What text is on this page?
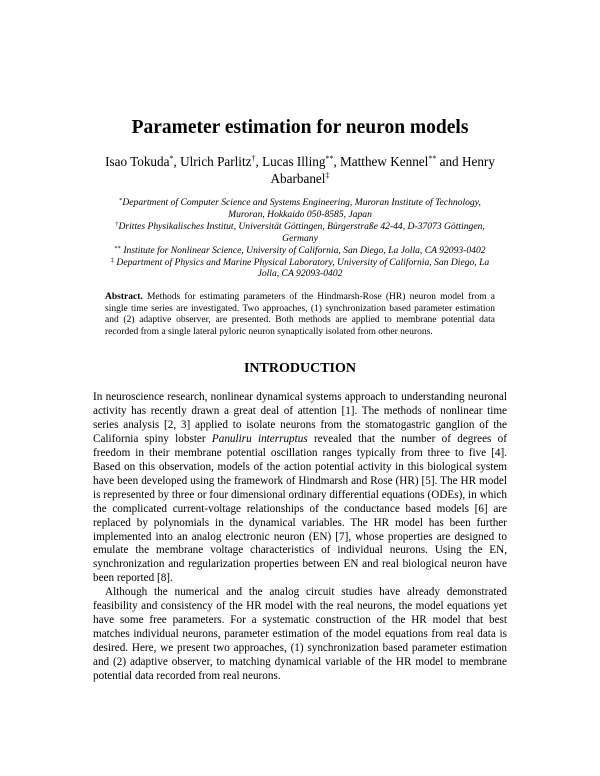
Parameter estimation for neuron models
Isao Tokuda*, Ulrich Parlitz†, Lucas Illing**, Matthew Kennel** and Henry Abarbanel‡
*Department of Computer Science and Systems Engineering, Muroran Institute of Technology, Muroran, Hokkaido 050-8585, Japan
†Drittes Physikalisches Institut, Universität Göttingen, Bürgerstraße 42-44, D-37073 Göttingen, Germany
** Institute for Nonlinear Science, University of California, San Diego, La Jolla, CA 92093-0402
‡ Department of Physics and Marine Physical Laboratory, University of California, San Diego, La Jolla, CA 92093-0402
Abstract. Methods for estimating parameters of the Hindmarsh-Rose (HR) neuron model from a single time series are investigated. Two approaches, (1) synchronization based parameter estimation and (2) adaptive observer, are presented. Both methods are applied to membrane potential data recorded from a single lateral pyloric neuron synaptically isolated from other neurons.
INTRODUCTION

In neuroscience research, nonlinear dynamical systems approach to understanding neuronal activity has recently drawn a great deal of attention [1]. The methods of nonlinear time series analysis [2, 3] applied to isolate neurons from the stomatogastric ganglion of the California spiny lobster Panuliru interruptus revealed that the number of degrees of freedom in their membrane potential oscillation ranges typically from three to five [4]. Based on this observation, models of the action potential activity in this biological system have been developed using the framework of Hindmarsh and Rose (HR) [5]. The HR model is represented by three or four dimensional ordinary differential equations (ODEs), in which the complicated current-voltage relationships of the conductance based models [6] are replaced by polynomials in the dynamical variables. The HR model has been further implemented into an analog electronic neuron (EN) [7], whose properties are designed to emulate the membrane voltage characteristics of individual neurons. Using the EN, synchronization and regularization properties between EN and real biological neuron have been reported [8].

Although the numerical and the analog circuit studies have already demonstrated feasibility and consistency of the HR model with the real neurons, the model equations yet have some free parameters. For a systematic construction of the HR model that best matches individual neurons, parameter estimation of the model equations from real data is desired. Here, we present two approaches, (1) synchronization based parameter estimation and (2) adaptive observer, to matching dynamical variable of the HR model to membrane potential data recorded from real neurons.
